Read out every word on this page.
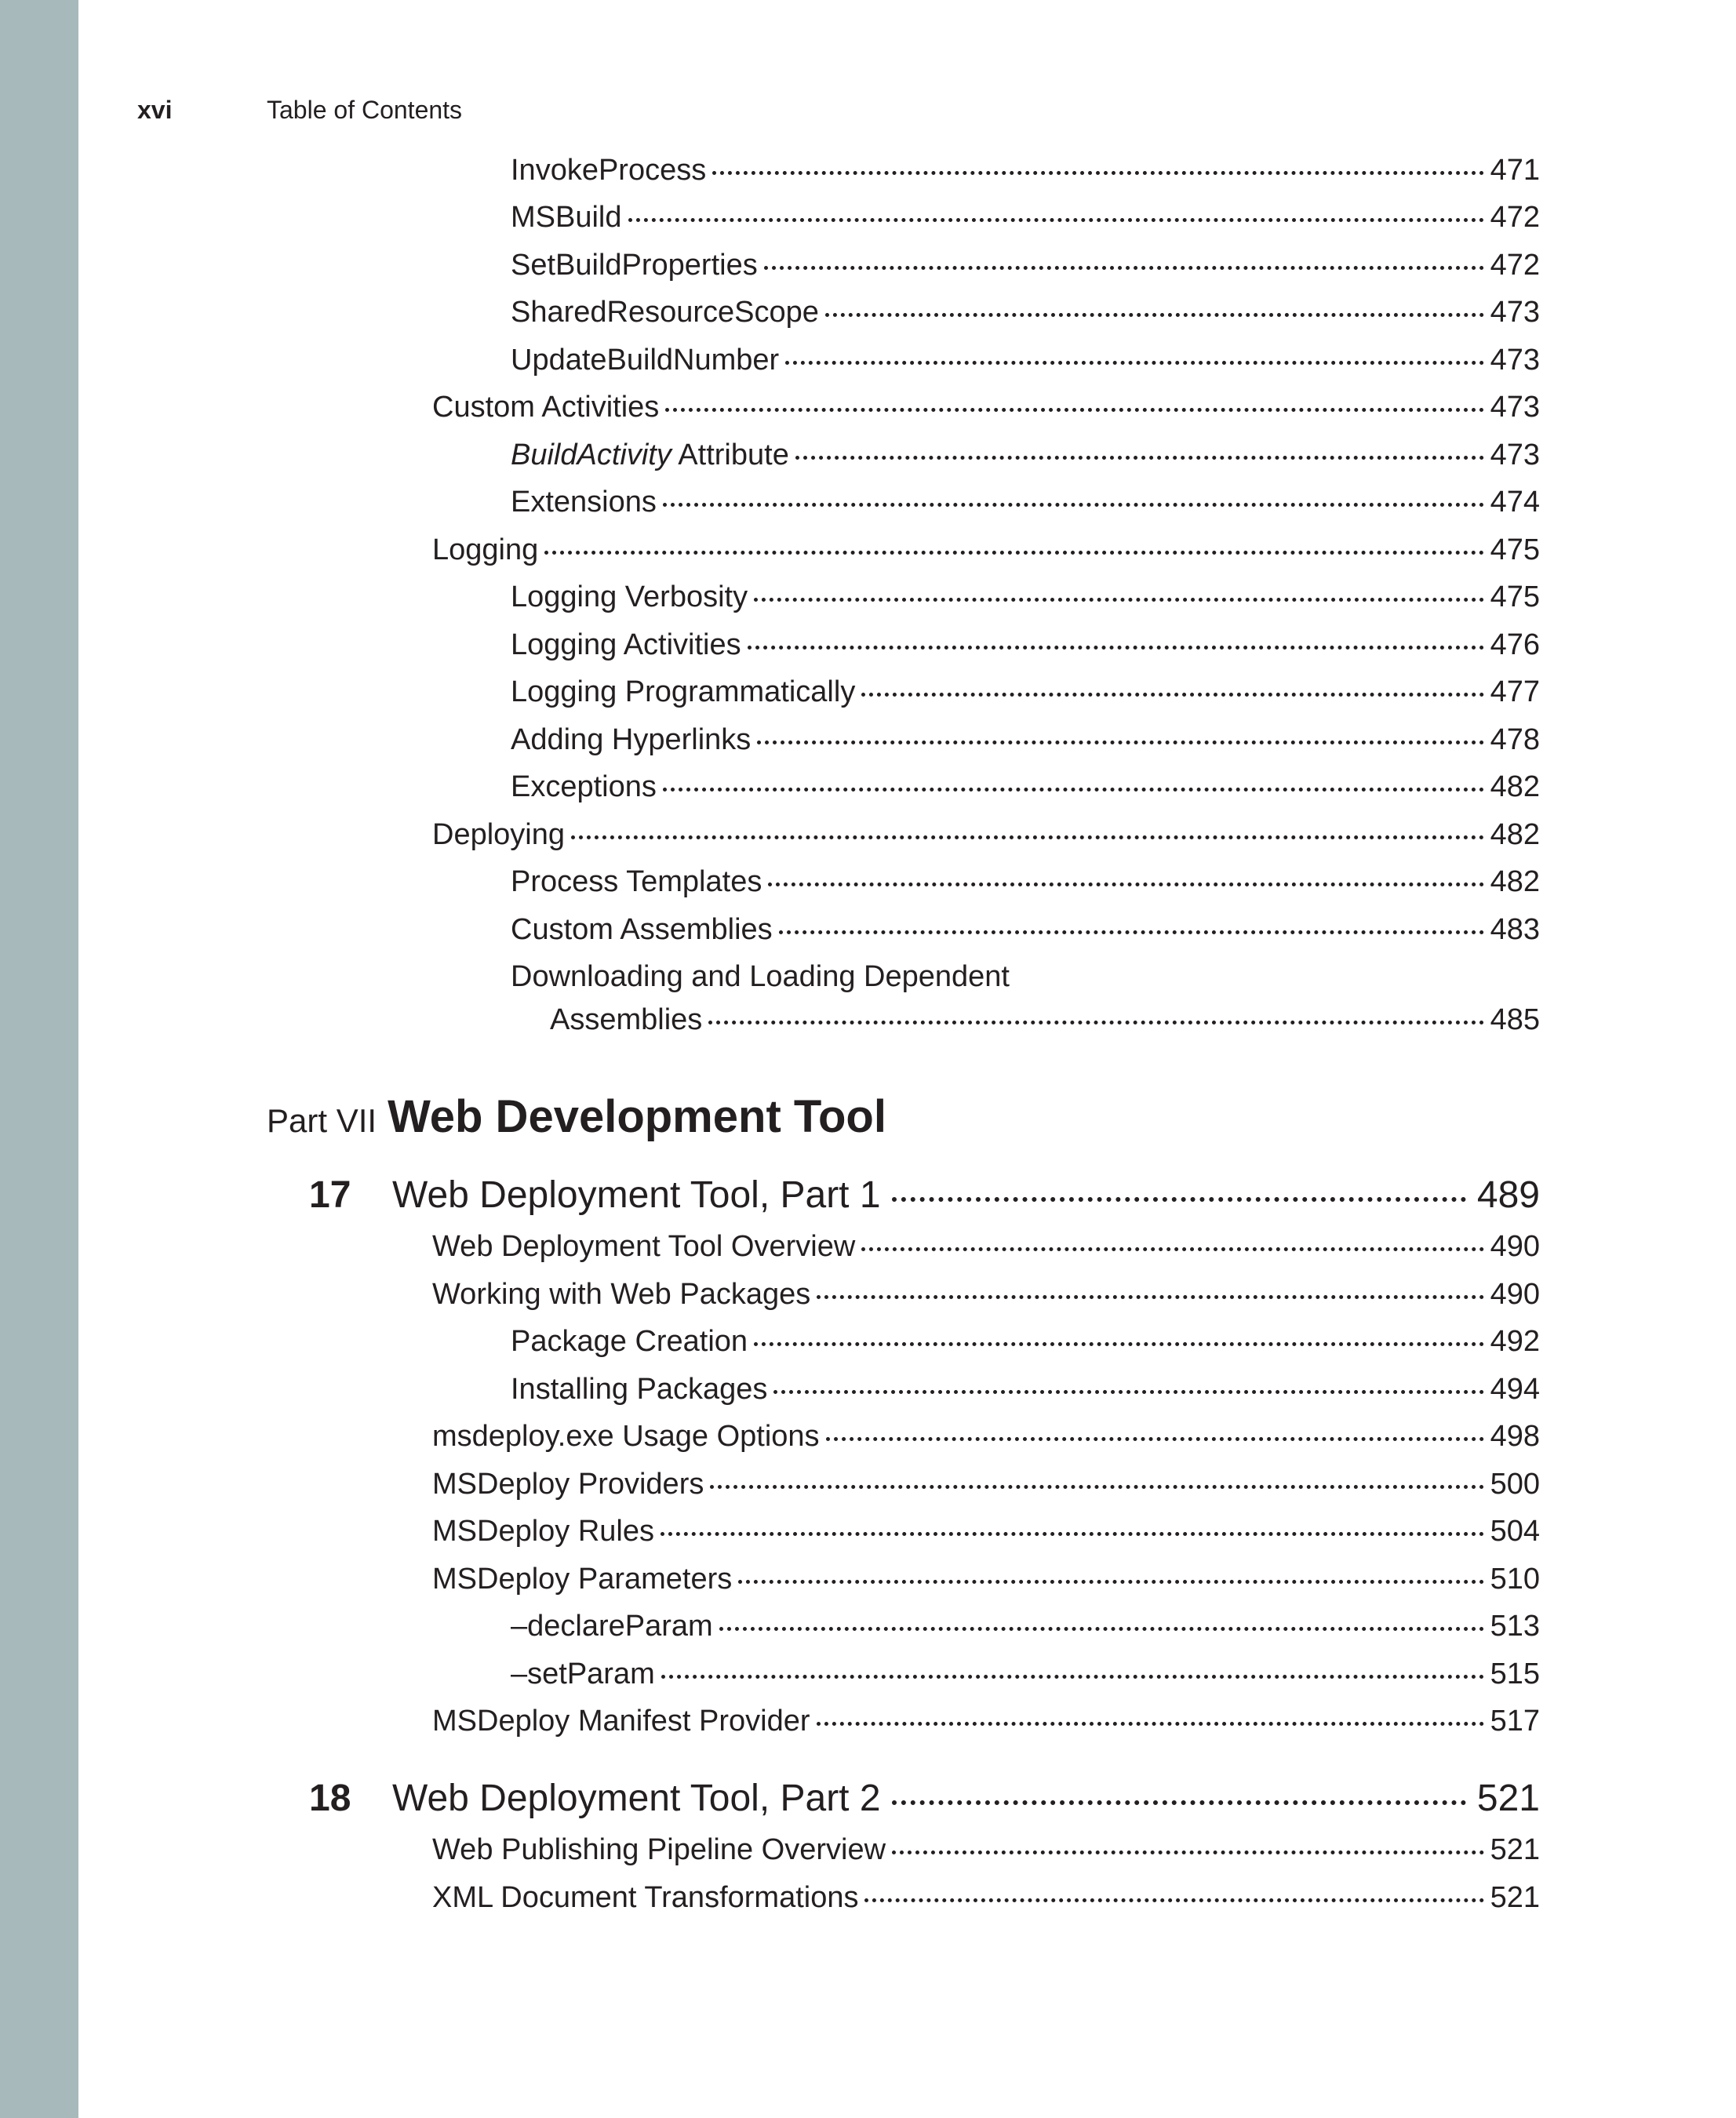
xvi	Table of Contents
InvokeProcess	471
MSBuild	472
SetBuildProperties	472
SharedResourceScope	473
UpdateBuildNumber	473
Custom Activities	473
BuildActivity Attribute	473
Extensions	474
Logging	475
Logging Verbosity	475
Logging Activities	476
Logging Programmatically	477
Adding Hyperlinks	478
Exceptions	482
Deploying	482
Process Templates	482
Custom Assemblies	483
Downloading and Loading Dependent
Assemblies	485
Part VII Web Development Tool
17	Web Deployment Tool, Part 1	489
Web Deployment Tool Overview	490
Working with Web Packages	490
Package Creation	492
Installing Packages	494
msdeploy.exe Usage Options	498
MSDeploy Providers	500
MSDeploy Rules	504
MSDeploy Parameters	510
–declareParam	513
–setParam	515
MSDeploy Manifest Provider	517
18	Web Deployment Tool, Part 2	521
Web Publishing Pipeline Overview	521
XML Document Transformations	521
